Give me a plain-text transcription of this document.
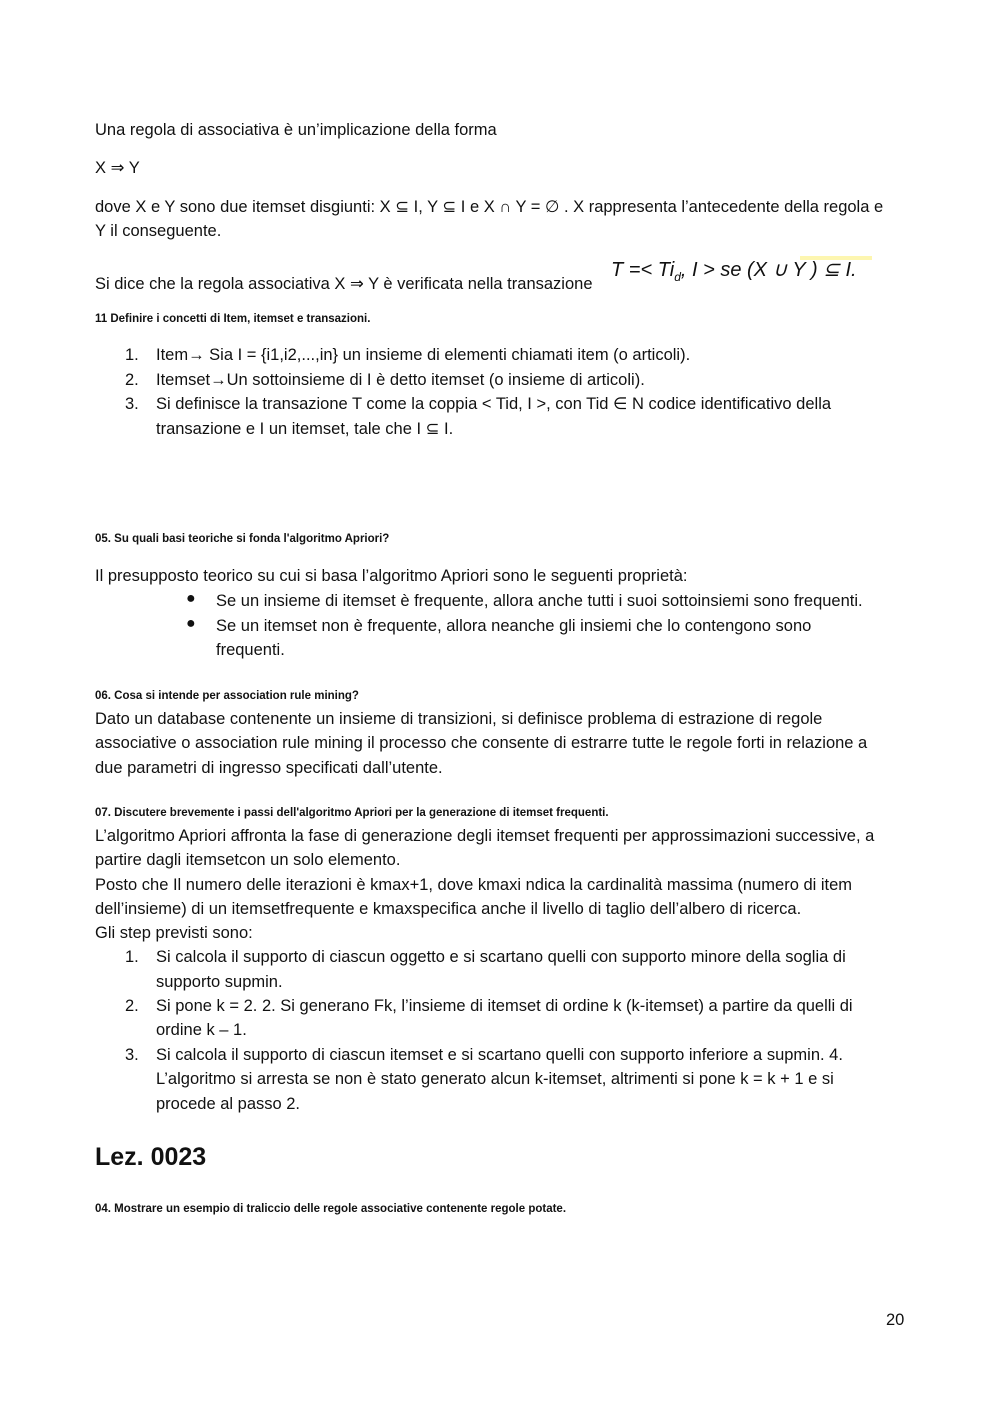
Una regola di associativa è un’implicazione della forma
X ⇒ Y
dove X e Y sono due itemset disgiunti: X ⊆ I, Y ⊆ I e X ∩ Y = ∅ . X rappresenta l’antecedente della regola e
Y il conseguente.
Si dice che la regola associativa X ⇒ Y è verificata nella transazione
$T =< Ti_d$, I > se (X ∪ Y ) ⊆ I.
11 Definire i concetti di Item, itemset e transazioni.
1. Item→ Sia I = {i1,i2,...,in} un insieme di elementi chiamati item (o articoli).
2. Itemset→Un sottoinsieme di I è detto itemset (o insieme di articoli).
3. Si definisce la transazione T come la coppia < Tid, I >, con Tid ∈ N codice identificativo della
transazione e I un itemset, tale che I ⊆ I.
05. Su quali basi teoriche si fonda l'algoritmo Apriori?
Il presupposto teorico su cui si basa l’algoritmo Apriori sono le seguenti proprietà:
● Se un insieme di itemset è frequente, allora anche tutti i suoi sottoinsiemi sono frequenti.
● Se un itemset non è frequente, allora neanche gli insiemi che lo contengono sono
frequenti.
06. Cosa si intende per association rule mining?
Dato un database contenente un insieme di transizioni, si definisce problema di estrazione di regole
associative o association rule mining il processo che consente di estrarre tutte le regole forti in relazione a
due parametri di ingresso specificati dall’utente.
07. Discutere brevemente i passi dell'algoritmo Apriori per la generazione di itemset frequenti.
L’algoritmo Apriori affronta la fase di generazione degli itemset frequenti per approssimazioni successive, a
partire dagli itemsetcon un solo elemento.
Posto che Il numero delle iterazioni è kmax+1, dove kmaxi ndica la cardinalità massima (numero di item
dell’insieme) di un itemsetfrequente e kmaxspecifica anche il livello di taglio dell’albero di ricerca.
Gli step previsti sono:
1. Si calcola il supporto di ciascun oggetto e si scartano quelli con supporto minore della soglia di
supporto supmin.
2. Si pone k = 2. 2. Si generano Fk, l’insieme di itemset di ordine k (k-itemset) a partire da quelli di
ordine k – 1.
3. Si calcola il supporto di ciascun itemset e si scartano quelli con supporto inferiore a supmin. 4.
L’algoritmo si arresta se non è stato generato alcun k-itemset, altrimenti si pone k = k + 1 e si
procede al passo 2.
Lez. 0023
04. Mostrare un esempio di traliccio delle regole associative contenente regole potate.
20
